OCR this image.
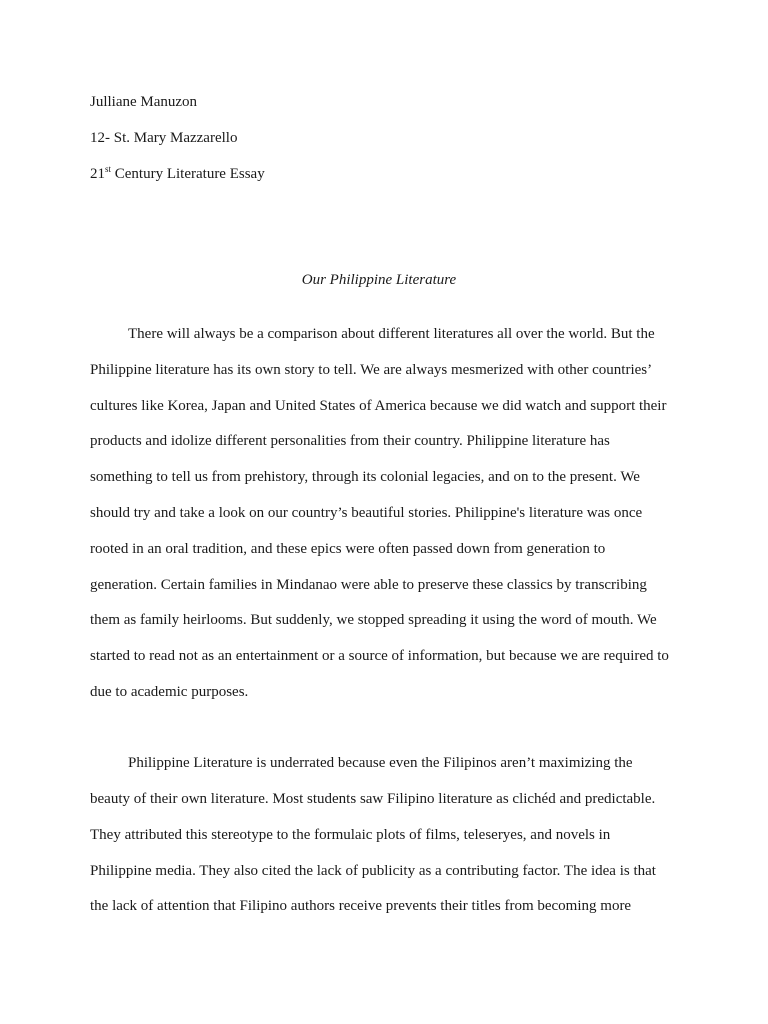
Julliane Manuzon
12- St. Mary Mazzarello
21st Century Literature Essay
Our Philippine Literature
There will always be a comparison about different literatures all over the world. But the
Philippine literature has its own story to tell. We are always mesmerized with other countries’
cultures like Korea, Japan and United States of America because we did watch and support their
products and idolize different personalities from their country. Philippine literature has
something to tell us from prehistory, through its colonial legacies, and on to the present. We
should try and take a look on our country’s beautiful stories. Philippine's literature was once
rooted in an oral tradition, and these epics were often passed down from generation to
generation. Certain families in Mindanao were able to preserve these classics by transcribing
them as family heirlooms. But suddenly, we stopped spreading it using the word of mouth. We
started to read not as an entertainment or a source of information, but because we are required to
due to academic purposes.
Philippine Literature is underrated because even the Filipinos aren’t maximizing the
beauty of their own literature. Most students saw Filipino literature as clichéd and predictable.
They attributed this stereotype to the formulaic plots of films, teleseryes, and novels in
Philippine media. They also cited the lack of publicity as a contributing factor. The idea is that
the lack of attention that Filipino authors receive prevents their titles from becoming more
